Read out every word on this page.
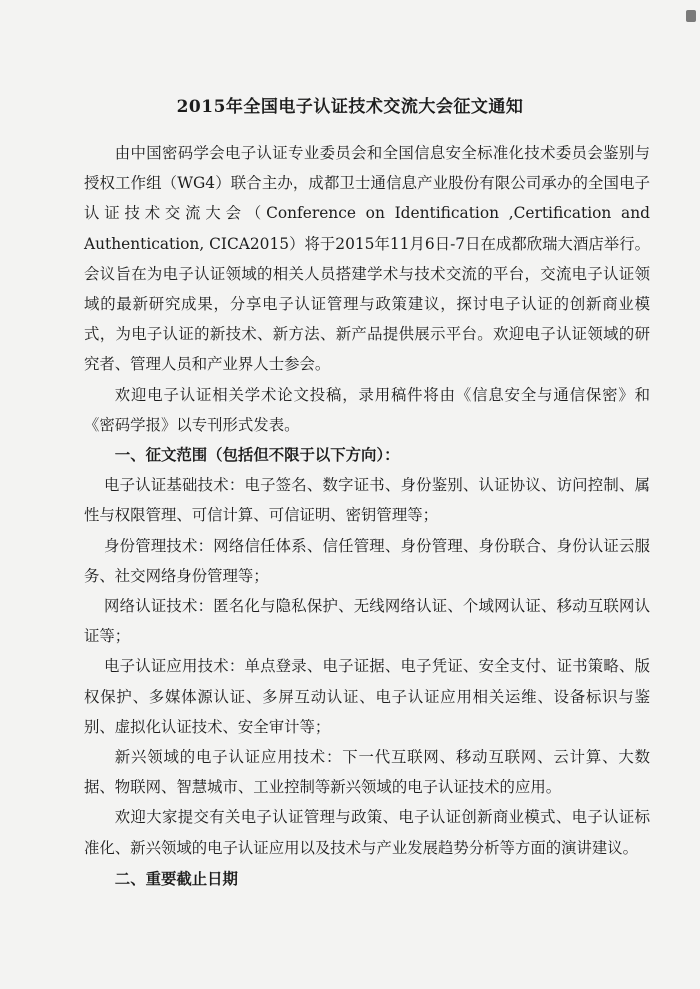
2015年全国电子认证技术交流大会征文通知

由中国密码学会电子认证专业委员会和全国信息安全标准化技术委员会鉴别与授权工作组（WG4）联合主办，成都卫士通信息产业股份有限公司承办的全国电子认证技术交流大会（Conference on Identification ,Certification and Authentication, CICA2015）将于2015年11月6日-7日在成都欣瑞大酒店举行。会议旨在为电子认证领域的相关人员搭建学术与技术交流的平台，交流电子认证领域的最新研究成果，分享电子认证管理与政策建议，探讨电子认证的创新商业模式，为电子认证的新技术、新方法、新产品提供展示平台。欢迎电子认证领域的研究者、管理人员和产业界人士参会。

欢迎电子认证相关学术论文投稿，录用稿件将由《信息安全与通信保密》和《密码学报》以专刊形式发表。

一、征文范围（包括但不限于以下方向）：

电子认证基础技术：电子签名、数字证书、身份鉴别、认证协议、访问控制、属性与权限管理、可信计算、可信证明、密钥管理等；

身份管理技术：网络信任体系、信任管理、身份管理、身份联合、身份认证云服务、社交网络身份管理等；

网络认证技术：匿名化与隐私保护、无线网络认证、个域网认证、移动互联网认证等；

电子认证应用技术：单点登录、电子证据、电子凭证、安全支付、证书策略、版权保护、多媒体源认证、多屏互动认证、电子认证应用相关运维、设备标识与鉴别、虚拟化认证技术、安全审计等；

新兴领域的电子认证应用技术：下一代互联网、移动互联网、云计算、大数据、物联网、智慧城市、工业控制等新兴领域的电子认证技术的应用。

欢迎大家提交有关电子认证管理与政策、电子认证创新商业模式、电子认证标准化、新兴领域的电子认证应用以及技术与产业发展趋势分析等方面的演讲建议。

二、重要截止日期
